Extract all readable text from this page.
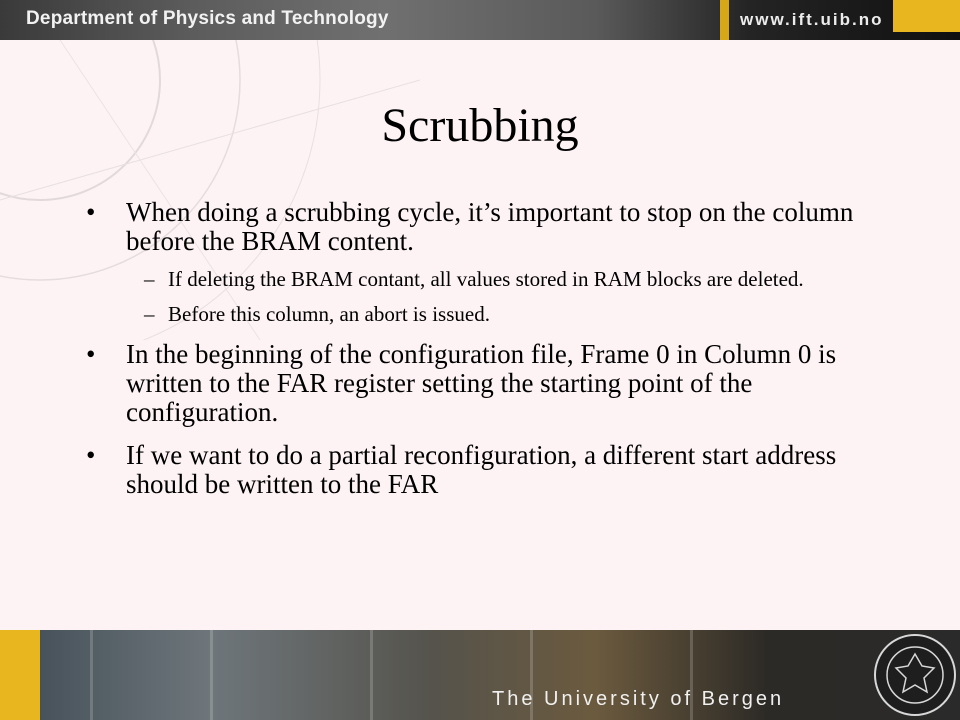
Department of Physics and Technology	www.ift.uib.no
Scrubbing
• When doing a scrubbing cycle, it’s important to stop on the column before the BRAM content.
– If deleting the BRAM contant, all values stored in RAM blocks are deleted.
– Before this column, an abort is issued.
• In the beginning of the configuration file, Frame 0 in Column 0 is written to the FAR register setting the starting point of the configuration.
• If we want to do a partial reconfiguration, a different start address should be written to the FAR
The University of Bergen
